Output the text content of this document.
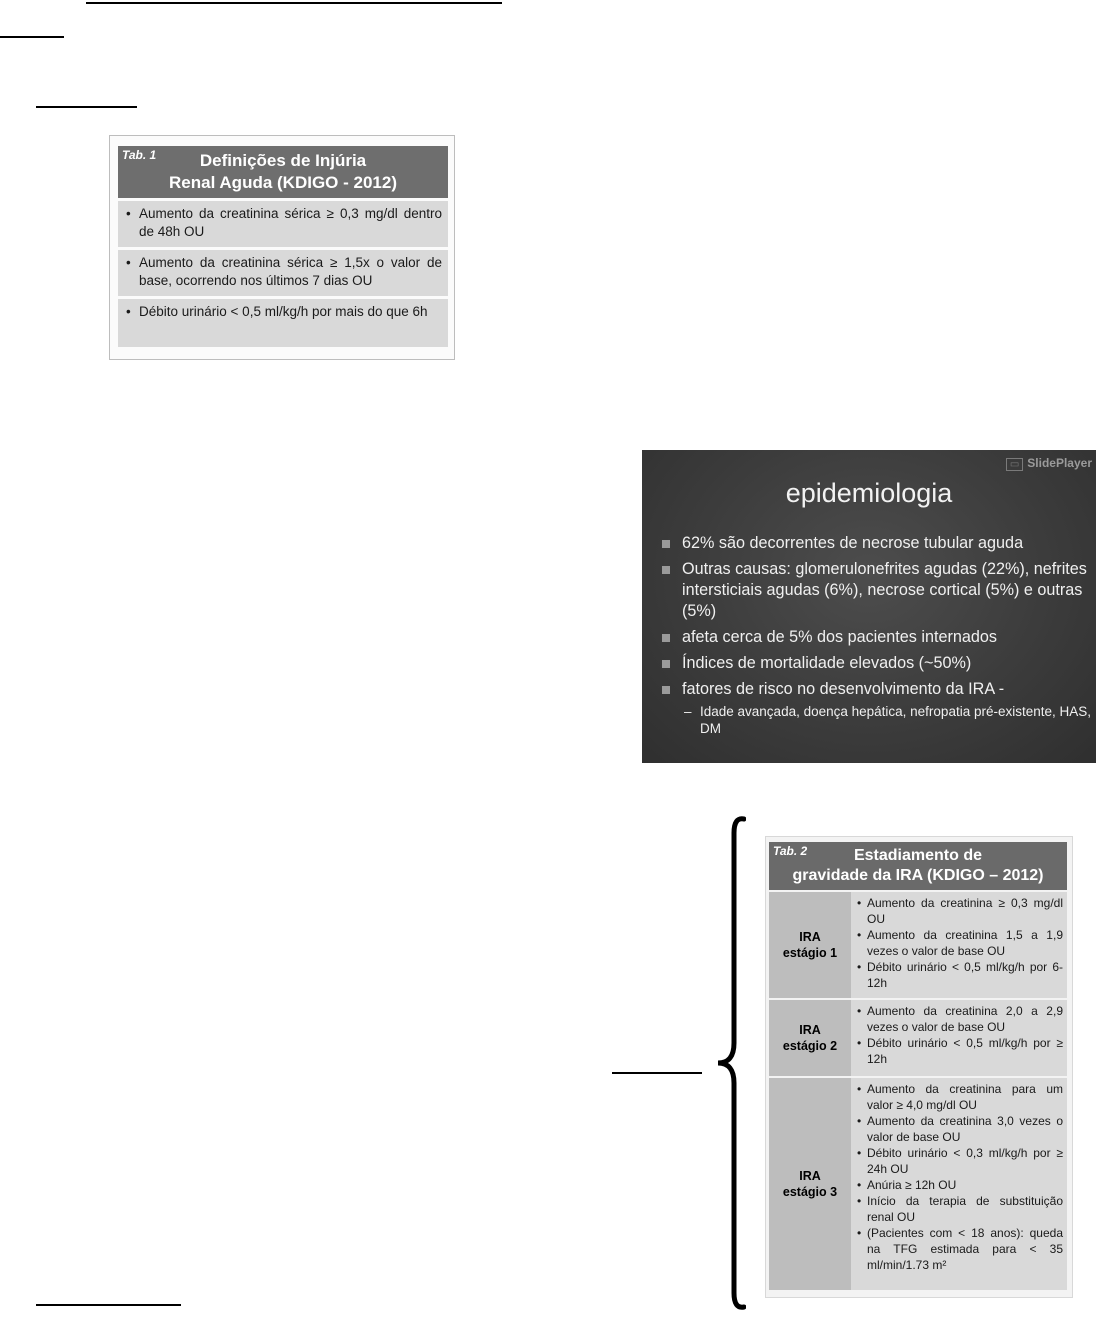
Tab. 1	Definições de Injúria
Renal Aguda (KDIGO - 2012)
• Aumento da creatinina sérica ≥ 0,3 mg/dl dentro de 48h OU
• Aumento da creatinina sérica ≥ 1,5x o valor de base, ocorrendo nos últimos 7 dias OU
• Débito urinário < 0,5 ml/kg/h por mais do que 6h
▭ SlidePlayer
epidemiologia
62% são decorrentes de necrose tubular aguda
Outras causas: glomerulonefrites agudas (22%), nefrites intersticiais agudas (6%), necrose cortical (5%) e outras (5%)
afeta cerca de 5% dos pacientes internados
Índices de mortalidade elevados (~50%)
fatores de risco no desenvolvimento da IRA -
– Idade avançada, doença hepática, nefropatia pré-existente, HAS, DM
Tab. 2	Estadiamento de
gravidade da IRA (KDIGO – 2012)
IRA
estágio 1
• Aumento da creatinina ≥ 0,3 mg/dl OU
• Aumento da creatinina 1,5 a 1,9 vezes o valor de base OU
• Débito urinário < 0,5 ml/kg/h por 6-12h
IRA
estágio 2
• Aumento da creatinina 2,0 a 2,9 vezes o valor de base OU
• Débito urinário < 0,5 ml/kg/h por ≥ 12h
IRA
estágio 3
• Aumento da creatinina para um valor ≥ 4,0 mg/dl OU
• Aumento da creatinina 3,0 vezes o valor de base OU
• Débito urinário < 0,3 ml/kg/h por ≥ 24h OU
• Anúria ≥ 12h OU
• Início da terapia de substituição renal OU
• (Pacientes com < 18 anos): queda na TFG estimada para < 35 ml/min/1.73 m²
